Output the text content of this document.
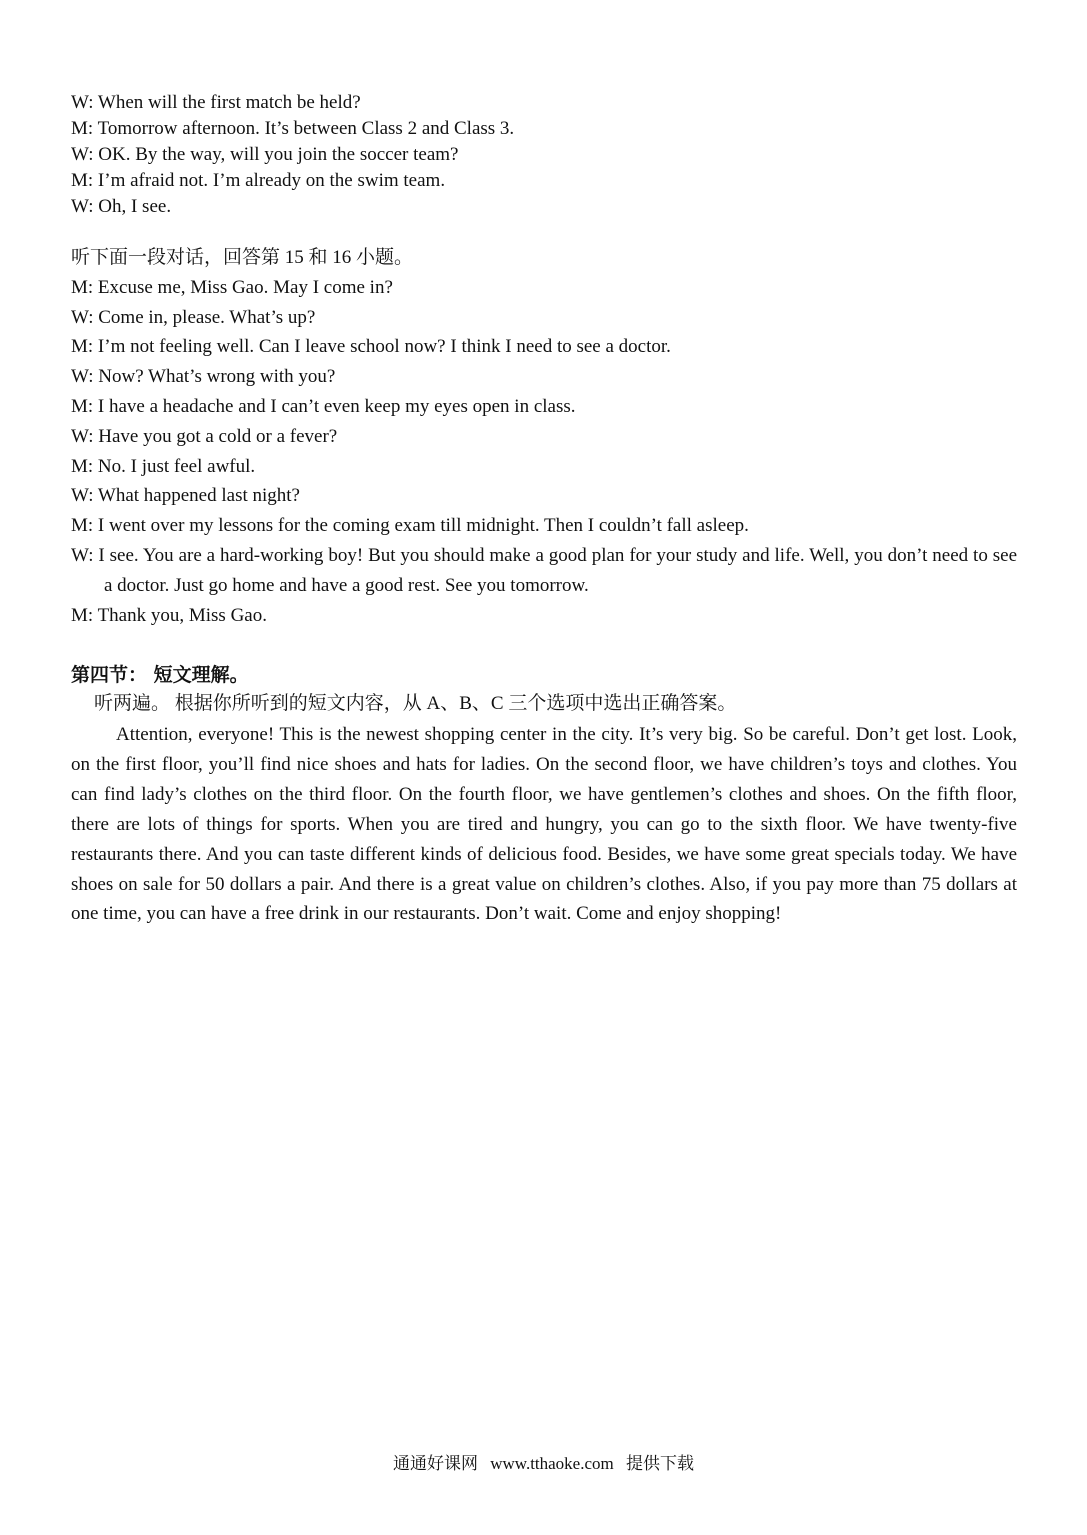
W: When will the first match be held?
M: Tomorrow afternoon. It’s between Class 2 and Class 3.
W: OK. By the way, will you join the soccer team?
M: I’m afraid not. I’m already on the swim team.
W: Oh, I see.
听下面一段对话，回答第 15 和 16 小题。
M: Excuse me, Miss Gao. May I come in?
W: Come in, please. What’s up?
M: I’m not feeling well. Can I leave school now? I think I need to see a doctor.
W: Now? What’s wrong with you?
M: I have a headache and I can’t even keep my eyes open in class.
W: Have you got a cold or a fever?
M: No. I just feel awful.
W: What happened last night?
M: I went over my lessons for the coming exam till midnight. Then I couldn’t fall asleep.
W: I see. You are a hard-working boy! But you should make a good plan for your study and life. Well, you don’t need to see a doctor. Just go home and have a good rest. See you tomorrow.
M: Thank you, Miss Gao.
第四节： 短文理解。
听两遍。 根据你所听到的短文内容，从 A、B、C 三个选项中选出正确答案。

Attention, everyone! This is the newest shopping center in the city. It’s very big. So be careful. Don’t get lost. Look, on the first floor, you’ll find nice shoes and hats for ladies. On the second floor, we have children’s toys and clothes. You can find lady’s clothes on the third floor. On the fourth floor, we have gentlemen’s clothes and shoes. On the fifth floor, there are lots of things for sports. When you are tired and hungry, you can go to the sixth floor. We have twenty-five restaurants there. And you can taste different kinds of delicious food. Besides, we have some great specials today. We have shoes on sale for 50 dollars a pair. And there is a great value on children’s clothes. Also, if you pay more than 75 dollars at one time, you can have a free drink in our restaurants. Don’t wait. Come and enjoy shopping!

通通好课网 www.tthaoke.com 提供下载
